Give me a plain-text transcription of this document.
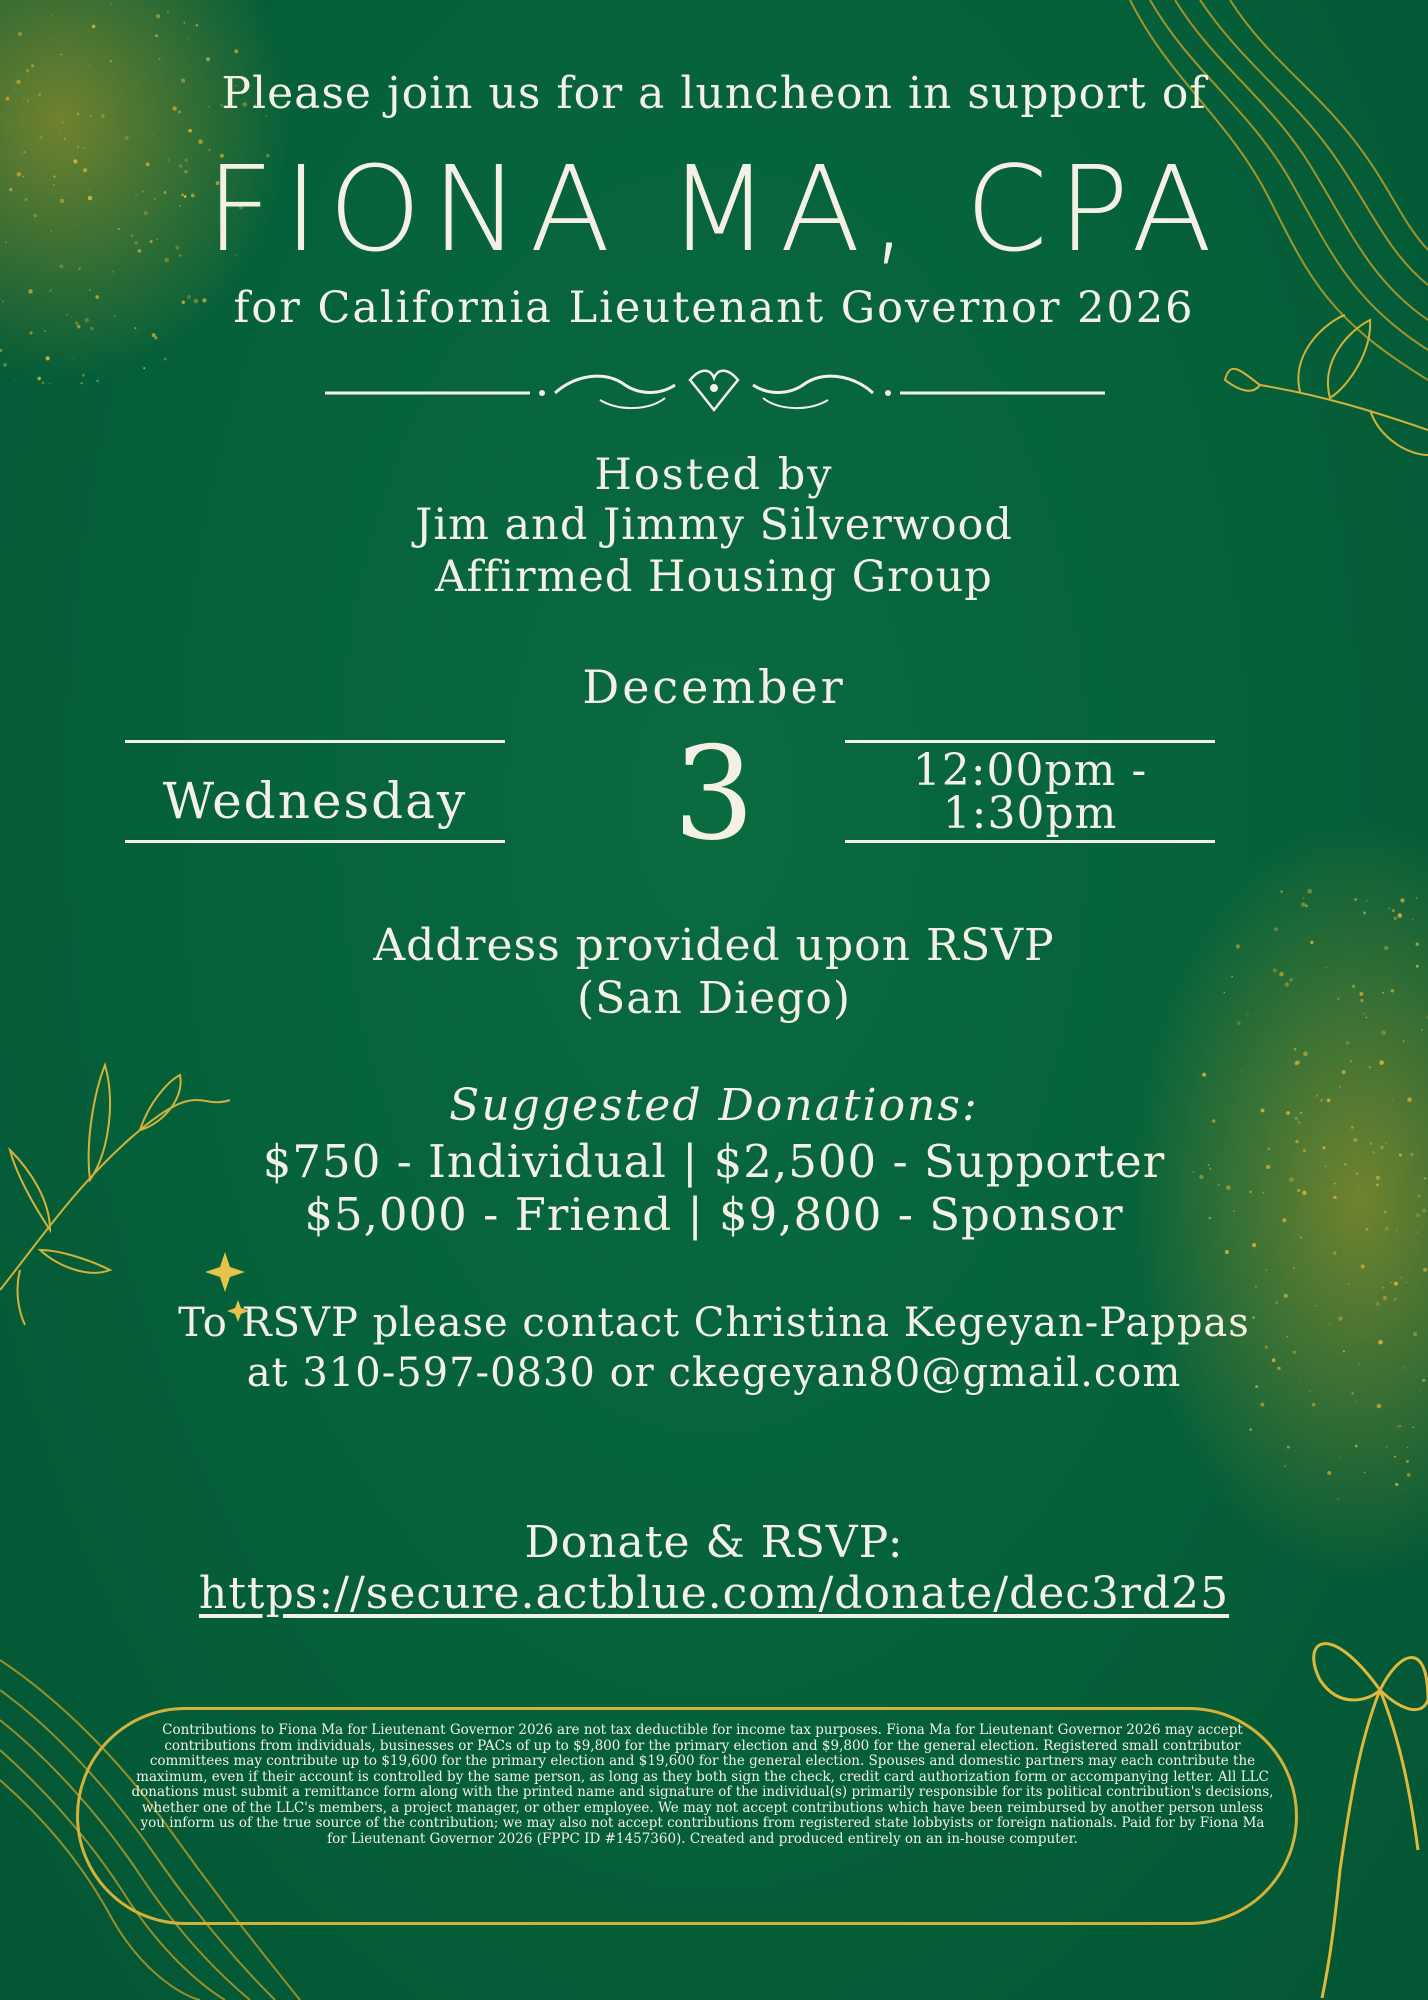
Please join us for a luncheon in support of

FIONA MA, CPA

for California Lieutenant Governor 2026

Hosted by

Jim and Jimmy Silverwood

Affirmed Housing Group

December

Wednesday	3	12:00pm -

1:30pm

Address provided upon RSVP

(San Diego)

Suggested Donations:

$750 - Individual | $2,500 - Supporter

$5,000 - Friend | $9,800 - Sponsor

To RSVP please contact Christina Kegeyan-Pappas

at 310-597-0830 or ckegeyan80@gmail.com

Donate & RSVP:

https://secure.actblue.com/donate/dec3rd25

Contributions to Fiona Ma for Lieutenant Governor 2026 are not tax deductible for income tax purposes. Fiona Ma for Lieutenant Governor 2026 may accept contributions from individuals, businesses or PACs of up to $9,800 for the primary election and $9,800 for the general election. Registered small contributor committees may contribute up to $19,600 for the primary election and $19,600 for the general election. Spouses and domestic partners may each contribute the maximum, even if their account is controlled by the same person, as long as they both sign the check, credit card authorization form or accompanying letter. All LLC donations must submit a remittance form along with the printed name and signature of the individual(s) primarily responsible for its political contribution's decisions, whether one of the LLC's members, a project manager, or other employee. We may not accept contributions which have been reimbursed by another person unless you inform us of the true source of the contribution; we may also not accept contributions from registered state lobbyists or foreign nationals. Paid for by Fiona Ma for Lieutenant Governor 2026 (FPPC ID #1457360). Created and produced entirely on an in-house computer.
